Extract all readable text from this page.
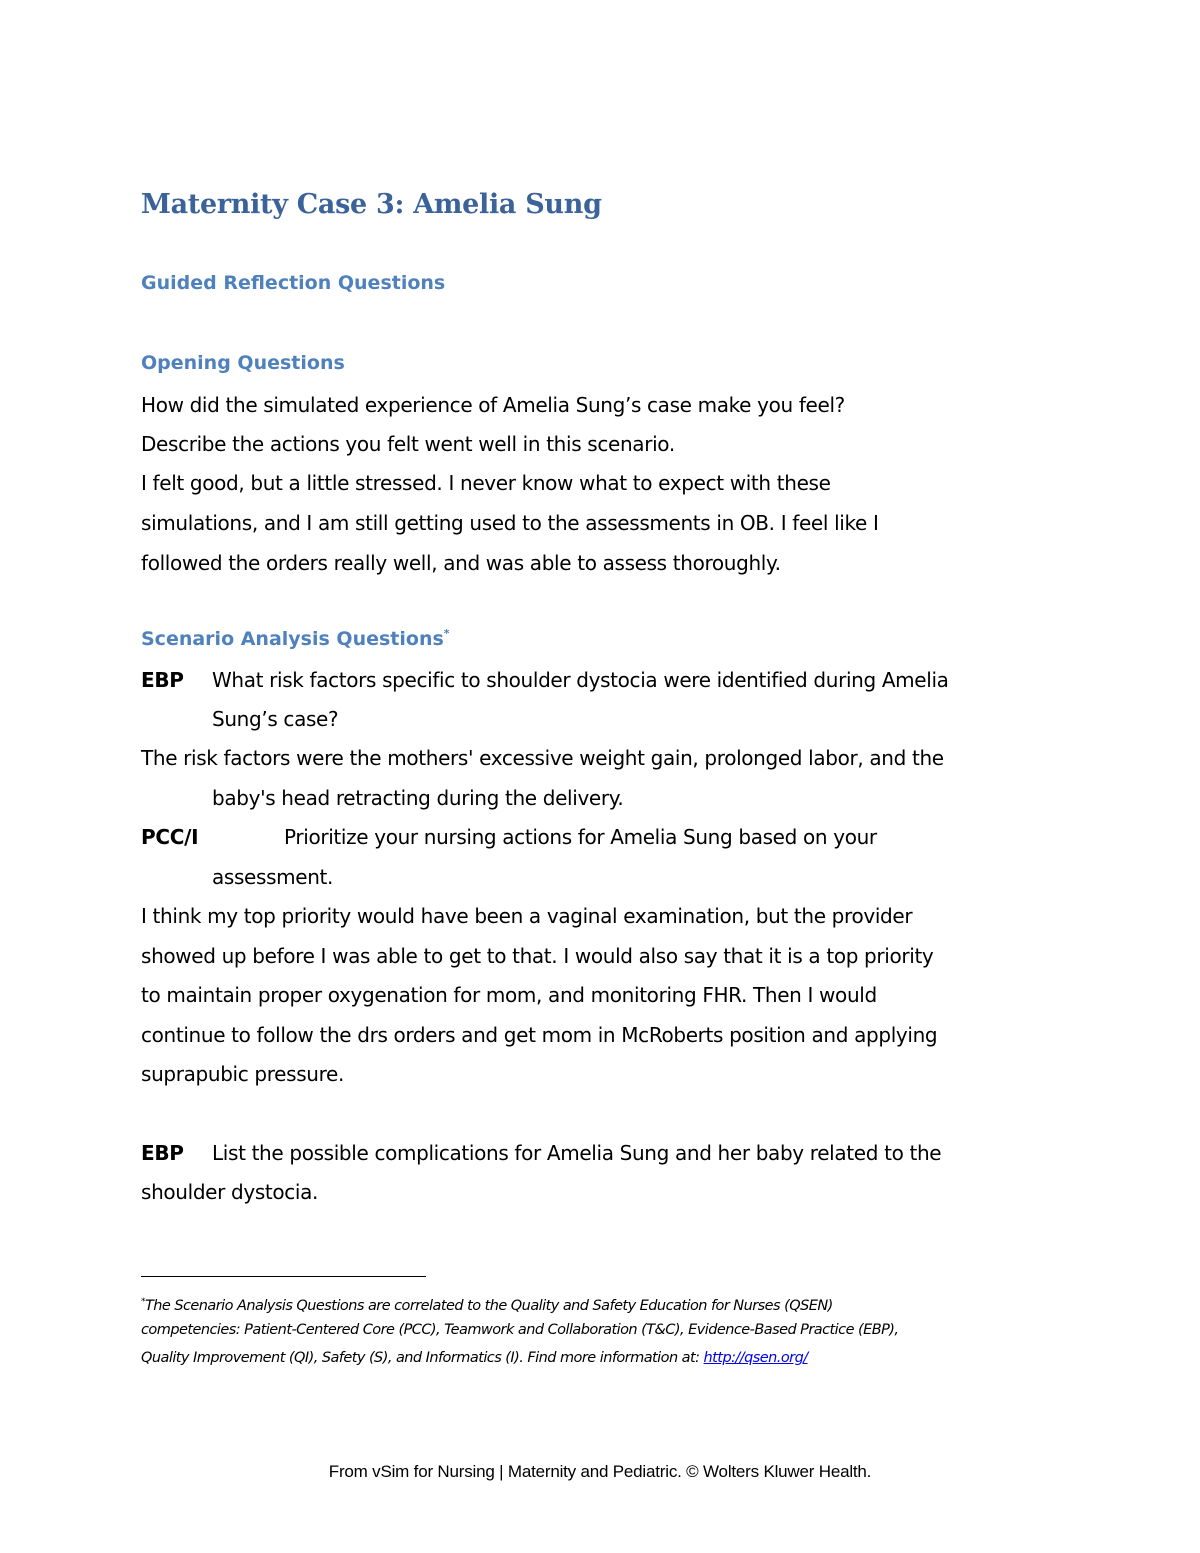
Maternity Case 3: Amelia Sung
Guided Reflection Questions
Opening Questions
How did the simulated experience of Amelia Sung’s case make you feel?
Describe the actions you felt went well in this scenario.
I felt good, but a little stressed. I never know what to expect with these
simulations, and I am still getting used to the assessments in OB. I feel like I
followed the orders really well, and was able to assess thoroughly.
Scenario Analysis Questions*
EBP What risk factors specific to shoulder dystocia were identified during Amelia
Sung’s case?
The risk factors were the mothers' excessive weight gain, prolonged labor, and the
baby's head retracting during the delivery.
PCC/I	Prioritize your nursing actions for Amelia Sung based on your
assessment.
I think my top priority would have been a vaginal examination, but the provider
showed up before I was able to get to that. I would also say that it is a top priority
to maintain proper oxygenation for mom, and monitoring FHR. Then I would
continue to follow the drs orders and get mom in McRoberts position and applying
suprapubic pressure.
EBP List the possible complications for Amelia Sung and her baby related to the
shoulder dystocia.
*The Scenario Analysis Questions are correlated to the Quality and Safety Education for Nurses (QSEN)
competencies: Patient-Centered Core (PCC), Teamwork and Collaboration (T&C), Evidence-Based Practice (EBP),
Quality Improvement (QI), Safety (S), and Informatics (I). Find more information at: http://qsen.org/
From vSim for Nursing | Maternity and Pediatric. © Wolters Kluwer Health.
